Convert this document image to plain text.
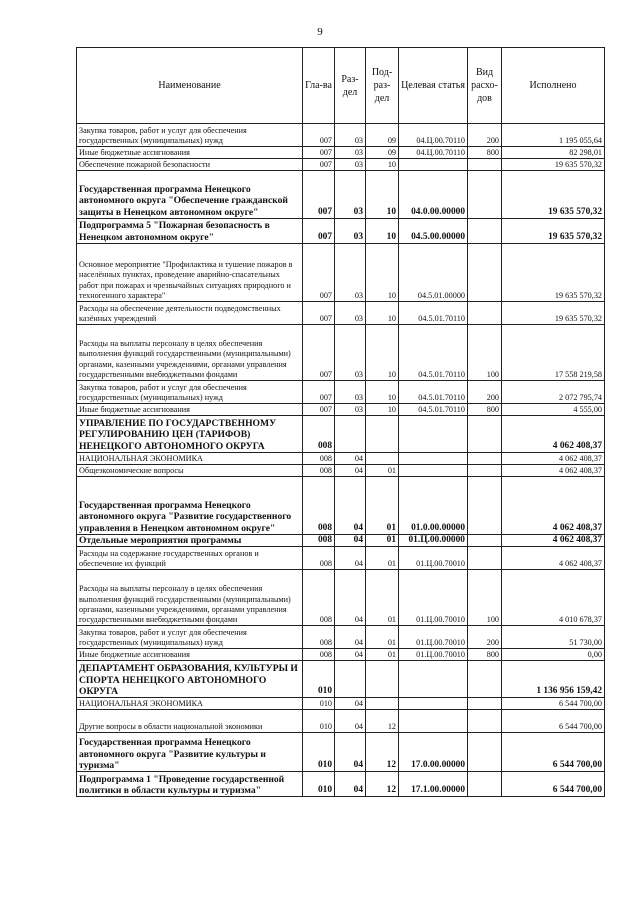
9
Наименование	Гла-ва	Раз-дел	Под-раз-дел	Целевая статья	Вид расхо-дов	Исполнено
Закупка товаров, работ и услуг для обеспечения государственных (муниципальных) нужд	007	03	09	04.Ц.00.70110	200	1 195 055,64
Иные бюджетные ассигнования	007	03	09	04.Ц.00.70110	800	82 298,01
Обеспечение пожарной безопасности	007	03	10			19 635 570,32
Государственная программа Ненецкого автономного округа "Обеспечение гражданской защиты в Ненецком автономном округе"	007	03	10	04.0.00.00000		19 635 570,32
Подпрограмма 5 "Пожарная безопасность в Ненецком автономном округе"	007	03	10	04.5.00.00000		19 635 570,32
Основное мероприятие "Профилактика и тушение пожаров в населённых пунктах, проведение аварийно-спасательных работ при пожарах и чрезвычайных ситуациях природного и техногенного характера"	007	03	10	04.5.01.00000		19 635 570,32
Расходы на обеспечение деятельности подведомственных казённых учреждений	007	03	10	04.5.01.70110		19 635 570,32
Расходы на выплаты персоналу в целях обеспечения выполнения функций государственными (муниципальными) органами, казенными учреждениями, органами управления государственными внебюджетными фондами	007	03	10	04.5.01.70110	100	17 558 219,58
Закупка товаров, работ и услуг для обеспечения государственных (муниципальных) нужд	007	03	10	04.5.01.70110	200	2 072 795,74
Иные бюджетные ассигнования	007	03	10	04.5.01.70110	800	4 555,00
УПРАВЛЕНИЕ ПО ГОСУДАРСТВЕННОМУ РЕГУЛИРОВАНИЮ ЦЕН (ТАРИФОВ) НЕНЕЦКОГО АВТОНОМНОГО ОКРУГА	008					4 062 408,37
НАЦИОНАЛЬНАЯ ЭКОНОМИКА	008	04				4 062 408,37
Общеэкономические вопросы	008	04	01			4 062 408,37
Государственная программа Ненецкого автономного округа "Развитие государственного управления в Ненецком автономном округе"	008	04	01	01.0.00.00000		4 062 408,37
Отдельные мероприятия программы	008	04	01	01.Ц.00.00000		4 062 408,37
Расходы на содержание государственных органов и обеспечение их функций	008	04	01	01.Ц.00.70010		4 062 408,37
Расходы на выплаты персоналу в целях обеспечения выполнения функций государственными (муниципальными) органами, казенными учреждениями, органами управления государственными внебюджетными фондами	008	04	01	01.Ц.00.70010	100	4 010 678,37
Закупка товаров, работ и услуг для обеспечения государственных (муниципальных) нужд	008	04	01	01.Ц.00.70010	200	51 730,00
Иные бюджетные ассигнования	008	04	01	01.Ц.00.70010	800	0,00
ДЕПАРТАМЕНТ ОБРАЗОВАНИЯ, КУЛЬТУРЫ И СПОРТА НЕНЕЦКОГО АВТОНОМНОГО ОКРУГА	010					1 136 956 159,42
НАЦИОНАЛЬНАЯ ЭКОНОМИКА	010	04				6 544 700,00
Другие вопросы в области национальной экономики	010	04	12			6 544 700,00
Государственная программа Ненецкого автономного округа "Развитие культуры и туризма"	010	04	12	17.0.00.00000		6 544 700,00
Подпрограмма 1 "Проведение государственной политики в области культуры и туризма"	010	04	12	17.1.00.00000		6 544 700,00
